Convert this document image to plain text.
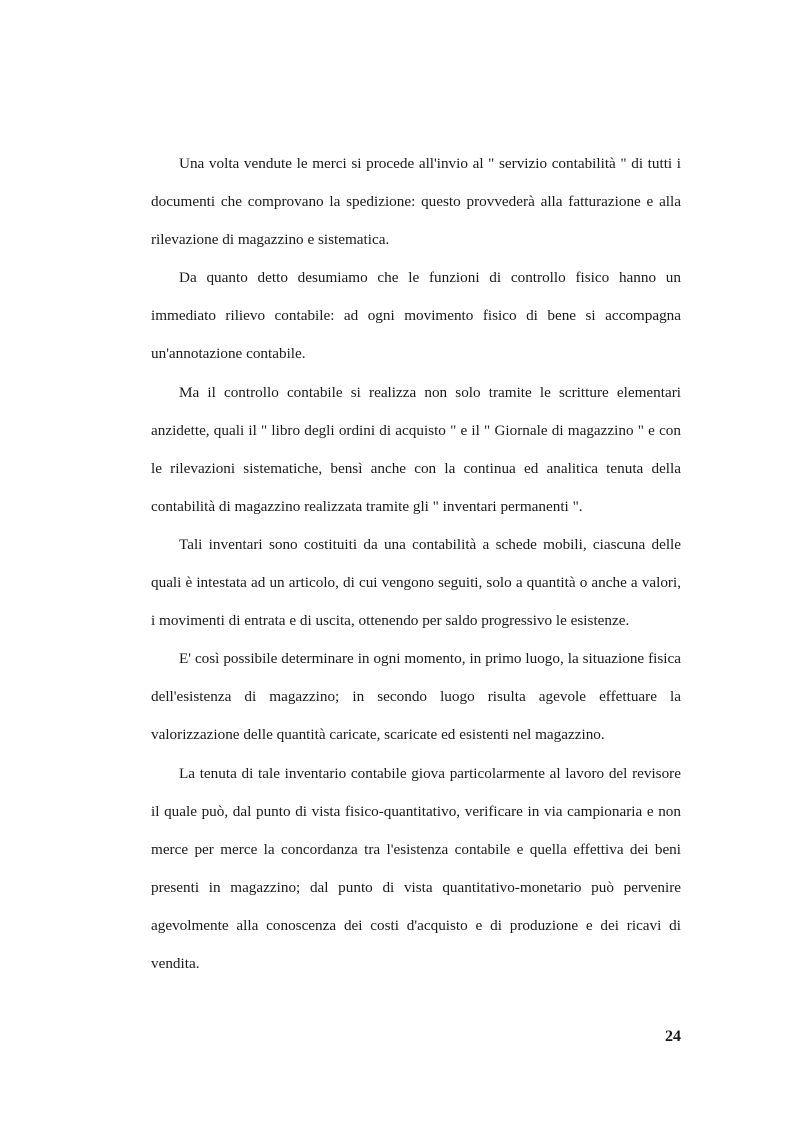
Una volta vendute le merci si procede all'invio al " servizio contabilità " di tutti i documenti che comprovano la spedizione: questo provvederà alla fatturazione e alla rilevazione di magazzino e sistematica.

Da quanto detto desumiamo che le funzioni di controllo fisico hanno un immediato rilievo contabile: ad ogni movimento fisico di bene si accompagna un'annotazione contabile.

Ma il controllo contabile si realizza non solo tramite le scritture elementari anzidette, quali il " libro degli ordini di acquisto " e il " Giornale di magazzino " e con le rilevazioni sistematiche, bensì anche con la continua ed analitica tenuta della contabilità di magazzino realizzata tramite gli " inventari permanenti ".

Tali inventari sono costituiti da una contabilità a schede mobili, ciascuna delle quali è intestata ad un articolo, di cui vengono seguiti, solo a quantità o anche a valori, i movimenti di entrata e di uscita, ottenendo per saldo progressivo le esistenze.

E' così possibile determinare in ogni momento, in primo luogo, la situazione fisica dell'esistenza di magazzino; in secondo luogo risulta agevole effettuare la valorizzazione delle quantità caricate, scaricate ed esistenti nel magazzino.

La tenuta di tale inventario contabile giova particolarmente al lavoro del revisore il quale può, dal punto di vista fisico-quantitativo, verificare in via campionaria e non merce per merce la concordanza tra l'esistenza contabile e quella effettiva dei beni presenti in magazzino; dal punto di vista quantitativo-monetario può pervenire agevolmente alla conoscenza dei costi d'acquisto e di produzione e dei ricavi di vendita.

24
